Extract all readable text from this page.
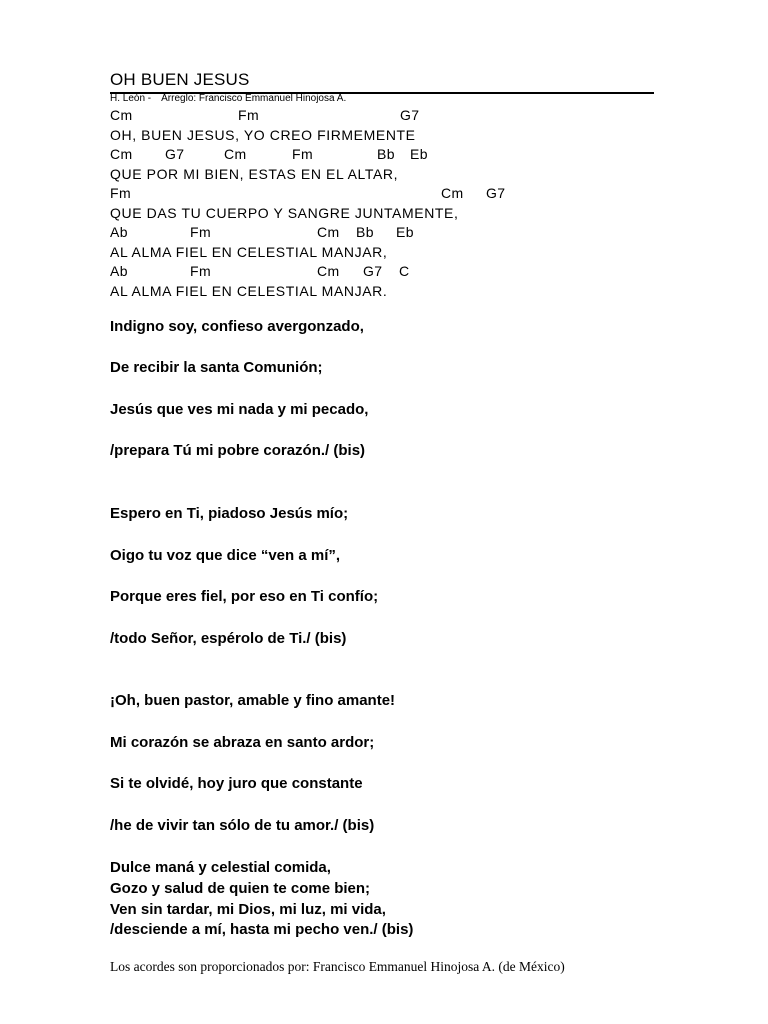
OH BUEN JESUS
H. León - Arreglo: Francisco Emmanuel Hinojosa A.
Cm	Fm	G7
OH, BUEN JESUS, YO CREO FIRMEMENTE
Cm G7	Cm	Fm	Bb Eb
QUE POR MI BIEN, ESTAS EN EL ALTAR,
Fm	Cm G7
QUE DAS TU CUERPO Y SANGRE JUNTAMENTE,
Ab	Fm	Cm Bb Eb
AL ALMA FIEL EN CELESTIAL MANJAR,
Ab	Fm	Cm G7 C
AL ALMA FIEL EN CELESTIAL MANJAR.
Indigno soy, confieso avergonzado,
De recibir la santa Comunión;
Jesús que ves mi nada y mi pecado,
/prepara Tú mi pobre corazón./ (bis)
Espero en Ti, piadoso Jesús mío;
Oigo tu voz que dice “ven a mí”,
Porque eres fiel, por eso en Ti confío;
/todo Señor, espérolo de Ti./ (bis)
¡Oh, buen pastor, amable y fino amante!
Mi corazón se abraza en santo ardor;
Si te olvidé, hoy juro que constante
/he de vivir tan sólo de tu amor./ (bis)
Dulce maná y celestial comida,
Gozo y salud de quien te come bien;
Ven sin tardar, mi Dios, mi luz, mi vida,
/desciende a mí, hasta mi pecho ven./ (bis)
Los acordes son proporcionados por: Francisco Emmanuel Hinojosa A. (de México)
